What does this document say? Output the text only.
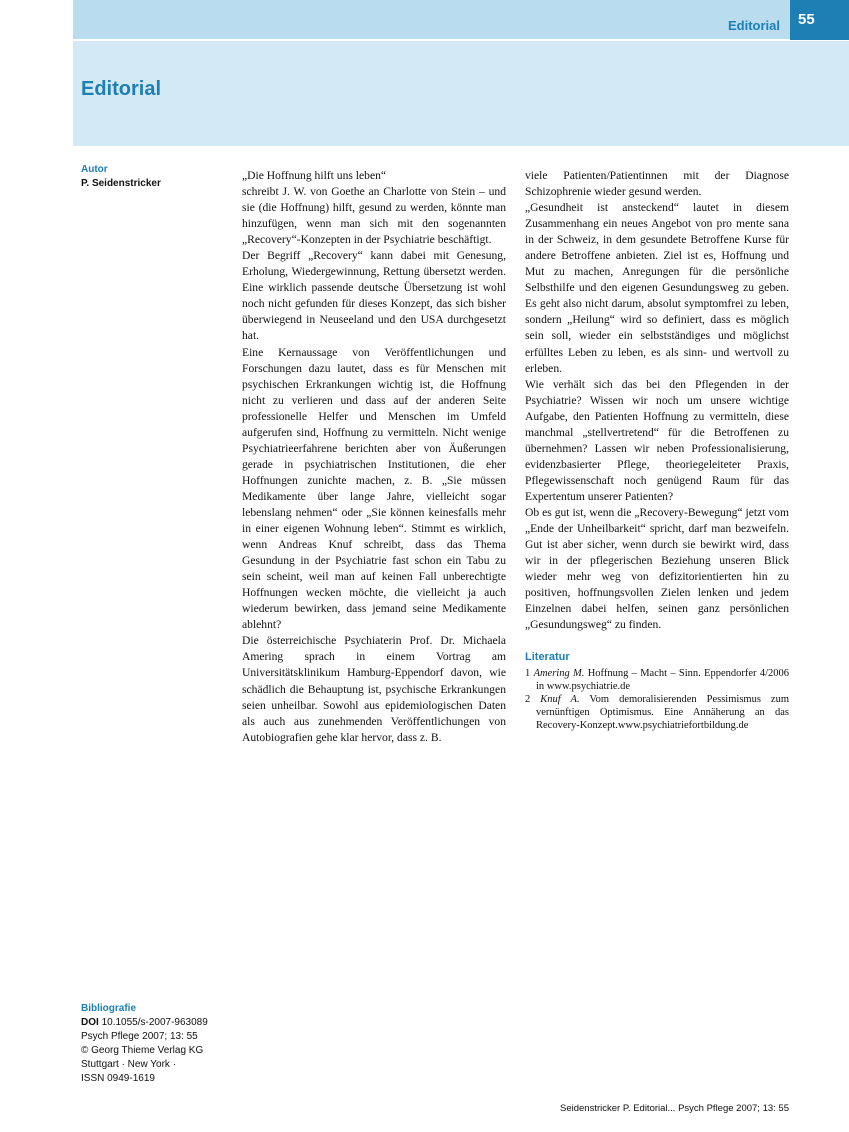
Editorial	55
Editorial
Autor
P. Seidenstricker

„Die Hoffnung hilft uns leben“

schreibt J. W. von Goethe an Charlotte von Stein – und sie (die Hoffnung) hilft, gesund zu werden, könnte man hinzufügen, wenn man sich mit den sogenannten „Recovery“-Konzepten in der Psychiatrie beschäftigt.

Der Begriff „Recovery“ kann dabei mit Genesung, Erholung, Wiedergewinnung, Rettung übersetzt werden. Eine wirklich passende deutsche Übersetzung ist wohl noch nicht gefunden für dieses Konzept, das sich bisher überwiegend in Neuseeland und den USA durchgesetzt hat.

Eine Kernaussage von Veröffentlichungen und Forschungen dazu lautet, dass es für Menschen mit psychischen Erkrankungen wichtig ist, die Hoffnung nicht zu verlieren und dass auf der anderen Seite professionelle Helfer und Menschen im Umfeld aufgerufen sind, Hoffnung zu vermitteln. Nicht wenige Psychiatrieerfahrene berichten aber von Äußerungen gerade in psychiatrischen Institutionen, die eher Hoffnungen zunichte machen, z. B. „Sie müssen Medikamente über lange Jahre, vielleicht sogar lebenslang nehmen“ oder „Sie können keinesfalls mehr in einer eigenen Wohnung leben“. Stimmt es wirklich, wenn Andreas Knuf schreibt, dass das Thema Gesundung in der Psychiatrie fast schon ein Tabu zu sein scheint, weil man auf keinen Fall unberechtigte Hoffnungen wecken möchte, die vielleicht ja auch wiederum bewirken, dass jemand seine Medikamente ablehnt?

Die österreichische Psychiaterin Prof. Dr. Michaela Amering sprach in einem Vortrag am Universitätsklinikum Hamburg-Eppendorf davon, wie schädlich die Behauptung ist, psychische Erkrankungen seien unheilbar. Sowohl aus epidemiologischen Daten als auch aus zunehmenden Veröffentlichungen von Autobiografien gehe klar hervor, dass z. B.

viele Patienten/Patientinnen mit der Diagnose Schizophrenie wieder gesund werden.

„Gesundheit ist ansteckend“ lautet in diesem Zusammenhang ein neues Angebot von pro mente sana in der Schweiz, in dem gesundete Betroffene Kurse für andere Betroffene anbieten. Ziel ist es, Hoffnung und Mut zu machen, Anregungen für die persönliche Selbsthilfe und den eigenen Gesundungsweg zu geben. Es geht also nicht darum, absolut symptomfrei zu leben, sondern „Heilung“ wird so definiert, dass es möglich sein soll, wieder ein selbstständiges und möglichst erfülltes Leben zu leben, es als sinn- und wertvoll zu erleben.

Wie verhält sich das bei den Pflegenden in der Psychiatrie? Wissen wir noch um unsere wichtige Aufgabe, den Patienten Hoffnung zu vermitteln, diese manchmal „stellvertretend“ für die Betroffenen zu übernehmen? Lassen wir neben Professionalisierung, evidenzbasierter Pflege, theoriegeleiteter Praxis, Pflegewissenschaft noch genügend Raum für das Expertentum unserer Patienten?

Ob es gut ist, wenn die „Recovery-Bewegung“ jetzt vom „Ende der Unheilbarkeit“ spricht, darf man bezweifeln. Gut ist aber sicher, wenn durch sie bewirkt wird, dass wir in der pflegerischen Beziehung unseren Blick wieder mehr weg von defizitorientierten hin zu positiven, hoffnungsvollen Zielen lenken und jedem Einzelnen dabei helfen, seinen ganz persönlichen „Gesundungsweg“ zu finden.

Literatur
1 Amering M. Hoffnung – Macht – Sinn. Eppendorfer 4/2006 in www.psychiatrie.de
2 Knuf A. Vom demoralisierenden Pessimismus zum vernünftigen Optimismus. Eine Annäherung an das Recovery-Konzept.www.psychiatriefortbildung.de
Bibliografie
DOI 10.1055/s-2007-963089
Psych Pflege 2007; 13: 55
© Georg Thieme Verlag KG
Stuttgart · New York ·
ISSN 0949-1619
Seidenstricker P. Editorial... Psych Pflege 2007; 13: 55
